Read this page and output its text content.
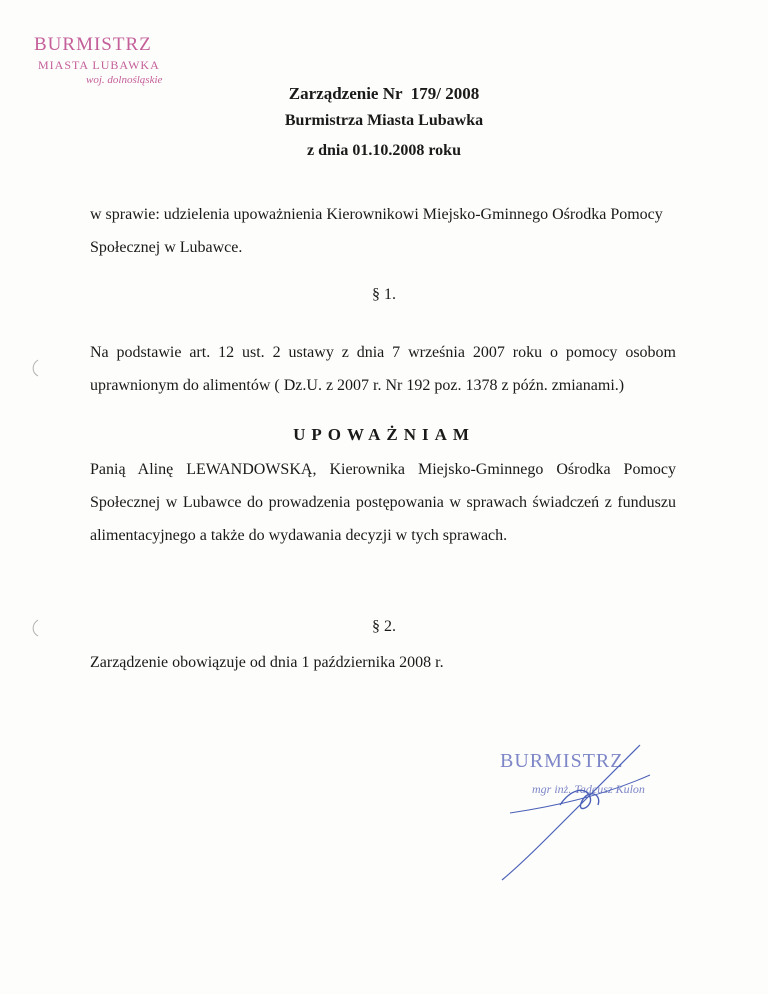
BURMISTRZ
MIASTA LUBAWKA
woj. dolnośląskie
Zarządzenie Nr  179/ 2008
Burmistrza Miasta Lubawka
z dnia 01.10.2008 roku
w sprawie: udzielenia upoważnienia Kierownikowi Miejsko-Gminnego Ośrodka Pomocy Społecznej w Lubawce.
§ 1.
Na podstawie art. 12 ust. 2 ustawy z dnia 7 września 2007 roku o pomocy osobom uprawnionym do alimentów ( Dz.U. z 2007 r. Nr 192 poz. 1378 z późn. zmianami.)
UPOWAŻNIAM
Panią Alinę LEWANDOWSKĄ, Kierownika Miejsko-Gminnego Ośrodka Pomocy Społecznej w Lubawce do prowadzenia postępowania w sprawach świadczeń z funduszu alimentacyjnego a także do wydawania decyzji w tych sprawach.
§ 2.
Zarządzenie obowiązuje od dnia 1 października 2008 r.
BURMISTRZ
mgr inż. Tadeusz Kulon
